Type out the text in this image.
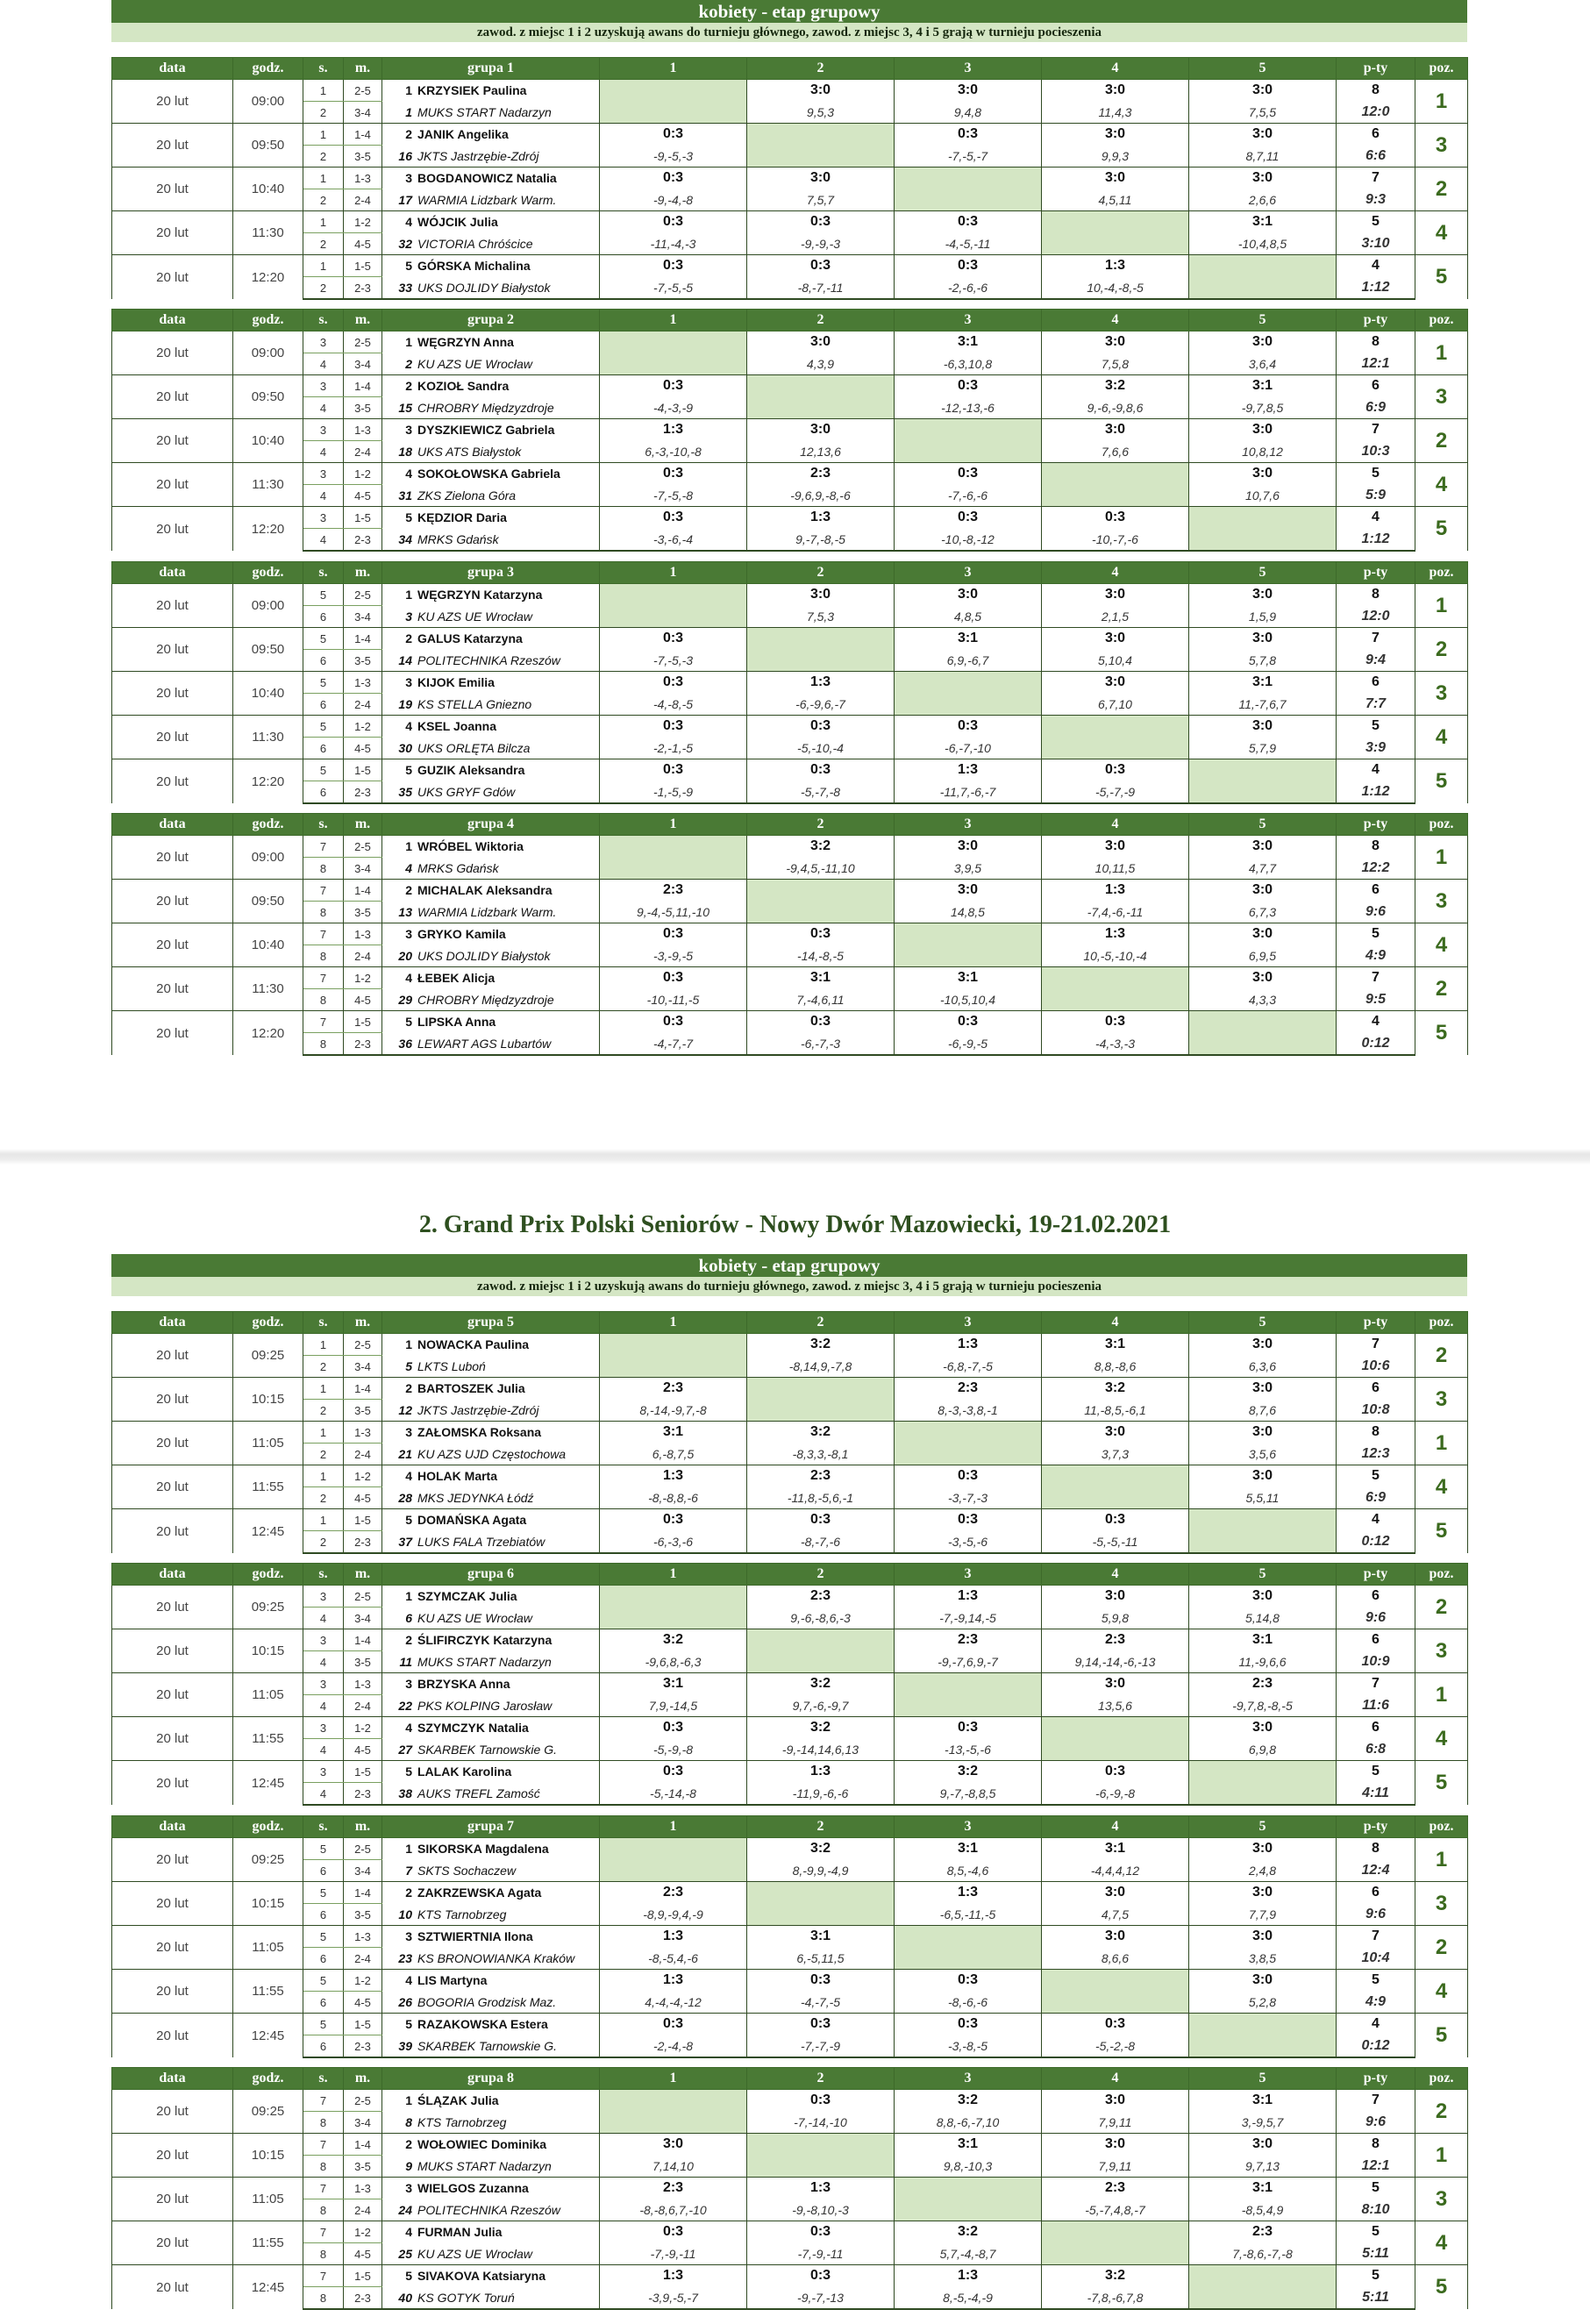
kobiety - etap grupowy
zawod. z miejsc 1 i 2 uzyskują awans do turnieju głównego, zawod. z miejsc 3, 4 i 5 grają w turnieju pocieszenia
data	godz.	s.	m.	grupa 1	1	2	3	4	5	p-ty	poz.
20 lut	09:00	1	2-5	1 KRZYSIEK Paulina		3:0	3:0	3:0	3:0	8	1
		2	3-4	1 MUKS START Nadarzyn		9,5,3	9,4,8	11,4,3	7,5,5	12:0	
20 lut	09:50	1	1-4	2 JANIK Angelika	0:3		0:3	3:0	3:0	6	3
		2	3-5	16 JKTS Jastrzębie-Zdrój	-9,-5,-3		-7,-5,-7	9,9,3	8,7,11	6:6	
20 lut	10:40	1	1-3	3 BOGDANOWICZ Natalia	0:3	3:0		3:0	3:0	7	2
		2	2-4	17 WARMIA Lidzbark Warm.	-9,-4,-8	7,5,7		4,5,11	2,6,6	9:3	
20 lut	11:30	1	1-2	4 WÓJCIK Julia	0:3	0:3	0:3		3:1	5	4
		2	4-5	32 VICTORIA Chróścice	-11,-4,-3	-9,-9,-3	-4,-5,-11		-10,4,8,5	3:10	
20 lut	12:20	1	1-5	5 GÓRSKA Michalina	0:3	0:3	0:3	1:3		4	5
		2	2-3	33 UKS DOJLIDY Białystok	-7,-5,-5	-8,-7,-11	-2,-6,-6	10,-4,-8,-5		1:12	
data	godz.	s.	m.	grupa 2	1	2	3	4	5	p-ty	poz.
20 lut	09:00	3	2-5	1 WĘGRZYN Anna		3:0	3:1	3:0	3:0	8	1
		4	3-4	2 KU AZS UE Wrocław		4,3,9	-6,3,10,8	7,5,8	3,6,4	12:1	
20 lut	09:50	3	1-4	2 KOZIOŁ Sandra	0:3		0:3	3:2	3:1	6	3
		4	3-5	15 CHROBRY Międzyzdroje	-4,-3,-9		-12,-13,-6	9,-6,-9,8,6	-9,7,8,5	6:9	
20 lut	10:40	3	1-3	3 DYSZKIEWICZ Gabriela	1:3	3:0		3:0	3:0	7	2
		4	2-4	18 UKS ATS Białystok	6,-3,-10,-8	12,13,6		7,6,6	10,8,12	10:3	
20 lut	11:30	3	1-2	4 SOKOŁOWSKA Gabriela	0:3	2:3	0:3		3:0	5	4
		4	4-5	31 ZKS Zielona Góra	-7,-5,-8	-9,6,9,-8,-6	-7,-6,-6		10,7,6	5:9	
20 lut	12:20	3	1-5	5 KĘDZIOR Daria	0:3	1:3	0:3	0:3		4	5
		4	2-3	34 MRKS Gdańsk	-3,-6,-4	9,-7,-8,-5	-10,-8,-12	-10,-7,-6		1:12	
data	godz.	s.	m.	grupa 3	1	2	3	4	5	p-ty	poz.
20 lut	09:00	5	2-5	1 WĘGRZYN Katarzyna		3:0	3:0	3:0	3:0	8	1
		6	3-4	3 KU AZS UE Wrocław		7,5,3	4,8,5	2,1,5	1,5,9	12:0	
20 lut	09:50	5	1-4	2 GALUS Katarzyna	0:3		3:1	3:0	3:0	7	2
		6	3-5	14 POLITECHNIKA Rzeszów	-7,-5,-3		6,9,-6,7	5,10,4	5,7,8	9:4	
20 lut	10:40	5	1-3	3 KIJOK Emilia	0:3	1:3		3:0	3:1	6	3
		6	2-4	19 KS STELLA Gniezno	-4,-8,-5	-6,-9,6,-7		6,7,10	11,-7,6,7	7:7	
20 lut	11:30	5	1-2	4 KSEL Joanna	0:3	0:3	0:3		3:0	5	4
		6	4-5	30 UKS ORLĘTA Bilcza	-2,-1,-5	-5,-10,-4	-6,-7,-10		5,7,9	3:9	
20 lut	12:20	5	1-5	5 GUZIK Aleksandra	0:3	0:3	1:3	0:3		4	5
		6	2-3	35 UKS GRYF Gdów	-1,-5,-9	-5,-7,-8	-11,7,-6,-7	-5,-7,-9		1:12	
data	godz.	s.	m.	grupa 4	1	2	3	4	5	p-ty	poz.
20 lut	09:00	7	2-5	1 WRÓBEL Wiktoria		3:2	3:0	3:0	3:0	8	1
		8	3-4	4 MRKS Gdańsk		-9,4,5,-11,10	3,9,5	10,11,5	4,7,7	12:2	
20 lut	09:50	7	1-4	2 MICHALAK Aleksandra	2:3		3:0	1:3	3:0	6	3
		8	3-5	13 WARMIA Lidzbark Warm.	9,-4,-5,11,-10		14,8,5	-7,4,-6,-11	6,7,3	9:6	
20 lut	10:40	7	1-3	3 GRYKO Kamila	0:3	0:3		1:3	3:0	5	4
		8	2-4	20 UKS DOJLIDY Białystok	-3,-9,-5	-14,-8,-5		10,-5,-10,-4	6,9,5	4:9	
20 lut	11:30	7	1-2	4 ŁEBEK Alicja	0:3	3:1	3:1		3:0	7	2
		8	4-5	29 CHROBRY Międzyzdroje	-10,-11,-5	7,-4,6,11	-10,5,10,4		4,3,3	9:5	
20 lut	12:20	7	1-5	5 LIPSKA Anna	0:3	0:3	0:3	0:3		4	5
		8	2-3	36 LEWART AGS Lubartów	-4,-7,-7	-6,-7,-3	-6,-9,-5	-4,-3,-3		0:12	
2. Grand Prix Polski Seniorów - Nowy Dwór Mazowiecki, 19-21.02.2021
kobiety - etap grupowy
zawod. z miejsc 1 i 2 uzyskują awans do turnieju głównego, zawod. z miejsc 3, 4 i 5 grają w turnieju pocieszenia
data	godz.	s.	m.	grupa 5	1	2	3	4	5	p-ty	poz.
20 lut	09:25	1	2-5	1 NOWACKA Paulina		3:2	1:3	3:1	3:0	7	2
		2	3-4	5 LKTS Luboń		-8,14,9,-7,8	-6,8,-7,-5	8,8,-8,6	6,3,6	10:6	
20 lut	10:15	1	1-4	2 BARTOSZEK Julia	2:3		2:3	3:2	3:0	6	3
		2	3-5	12 JKTS Jastrzębie-Zdrój	8,-14,-9,7,-8		8,-3,-3,8,-1	11,-8,5,-6,1	8,7,6	10:8	
20 lut	11:05	1	1-3	3 ZAŁOMSKA Roksana	3:1	3:2		3:0	3:0	8	1
		2	2-4	21 KU AZS UJD Częstochowa	6,-8,7,5	-8,3,3,-8,1		3,7,3	3,5,6	12:3	
20 lut	11:55	1	1-2	4 HOLAK Marta	1:3	2:3	0:3		3:0	5	4
		2	4-5	28 MKS JEDYNKA Łódź	-8,-8,8,-6	-11,8,-5,6,-1	-3,-7,-3		5,5,11	6:9	
20 lut	12:45	1	1-5	5 DOMAŃSKA Agata	0:3	0:3	0:3	0:3		4	5
		2	2-3	37 LUKS FALA Trzebiatów	-6,-3,-6	-8,-7,-6	-3,-5,-6	-5,-5,-11		0:12	
data	godz.	s.	m.	grupa 6	1	2	3	4	5	p-ty	poz.
20 lut	09:25	3	2-5	1 SZYMCZAK Julia		2:3	1:3	3:0	3:0	6	2
		4	3-4	6 KU AZS UE Wrocław		9,-6,-8,6,-3	-7,-9,14,-5	5,9,8	5,14,8	9:6	
20 lut	10:15	3	1-4	2 ŚLIFIRCZYK Katarzyna	3:2		2:3	2:3	3:1	6	3
		4	3-5	11 MUKS START Nadarzyn	-9,6,8,-6,3		-9,-7,6,9,-7	9,14,-14,-6,-13	11,-9,6,6	10:9	
20 lut	11:05	3	1-3	3 BRZYSKA Anna	3:1	3:2		3:0	2:3	7	1
		4	2-4	22 PKS KOLPING Jarosław	7,9,-14,5	9,7,-6,-9,7		13,5,6	-9,7,8,-8,-5	11:6	
20 lut	11:55	3	1-2	4 SZYMCZYK Natalia	0:3	3:2	0:3		3:0	6	4
		4	4-5	27 SKARBEK Tarnowskie G.	-5,-9,-8	-9,-14,14,6,13	-13,-5,-6		6,9,8	6:8	
20 lut	12:45	3	1-5	5 LALAK Karolina	0:3	1:3	3:2	0:3		5	5
		4	2-3	38 AUKS TREFL Zamość	-5,-14,-8	-11,9,-6,-6	9,-7,-8,8,5	-6,-9,-8		4:11	
data	godz.	s.	m.	grupa 7	1	2	3	4	5	p-ty	poz.
20 lut	09:25	5	2-5	1 SIKORSKA Magdalena		3:2	3:1	3:1	3:0	8	1
		6	3-4	7 SKTS Sochaczew		8,-9,9,-4,9	8,5,-4,6	-4,4,4,12	2,4,8	12:4	
20 lut	10:15	5	1-4	2 ZAKRZEWSKA Agata	2:3		1:3	3:0	3:0	6	3
		6	3-5	10 KTS Tarnobrzeg	-8,9,-9,4,-9		-6,5,-11,-5	4,7,5	7,7,9	9:6	
20 lut	11:05	5	1-3	3 SZTWIERTNIA Ilona	1:3	3:1		3:0	3:0	7	2
		6	2-4	23 KS BRONOWIANKA Kraków	-8,-5,4,-6	6,-5,11,5		8,6,6	3,8,5	10:4	
20 lut	11:55	5	1-2	4 LIS Martyna	1:3	0:3	0:3		3:0	5	4
		6	4-5	26 BOGORIA Grodzisk Maz.	4,-4,-4,-12	-4,-7,-5	-8,-6,-6		5,2,8	4:9	
20 lut	12:45	5	1-5	5 RAZAKOWSKA Estera	0:3	0:3	0:3	0:3		4	5
		6	2-3	39 SKARBEK Tarnowskie G.	-2,-4,-8	-7,-7,-9	-3,-8,-5	-5,-2,-8		0:12	
data	godz.	s.	m.	grupa 8	1	2	3	4	5	p-ty	poz.
20 lut	09:25	7	2-5	1 ŚLĄZAK Julia		0:3	3:2	3:0	3:1	7	2
		8	3-4	8 KTS Tarnobrzeg		-7,-14,-10	8,8,-6,-7,10	7,9,11	3,-9,5,7	9:6	
20 lut	10:15	7	1-4	2 WOŁOWIEC Dominika	3:0		3:1	3:0	3:0	8	1
		8	3-5	9 MUKS START Nadarzyn	7,14,10		9,8,-10,3	7,9,11	9,7,13	12:1	
20 lut	11:05	7	1-3	3 WIELGOS Zuzanna	2:3	1:3		2:3	3:1	5	3
		8	2-4	24 POLITECHNIKA Rzeszów	-8,-8,6,7,-10	-9,-8,10,-3		-5,-7,4,8,-7	-8,5,4,9	8:10	
20 lut	11:55	7	1-2	4 FURMAN Julia	0:3	0:3	3:2		2:3	5	4
		8	4-5	25 KU AZS UE Wrocław	-7,-9,-11	-7,-9,-11	5,7,-4,-8,7		7,-8,6,-7,-8	5:11	
20 lut	12:45	7	1-5	5 SIVAKOVA Katsiaryna	1:3	0:3	1:3	3:2		5	5
		8	2-3	40 KS GOTYK Toruń	-3,9,-5,-7	-9,-7,-13	8,-5,-4,-9	-7,8,-6,7,8		5:11	
